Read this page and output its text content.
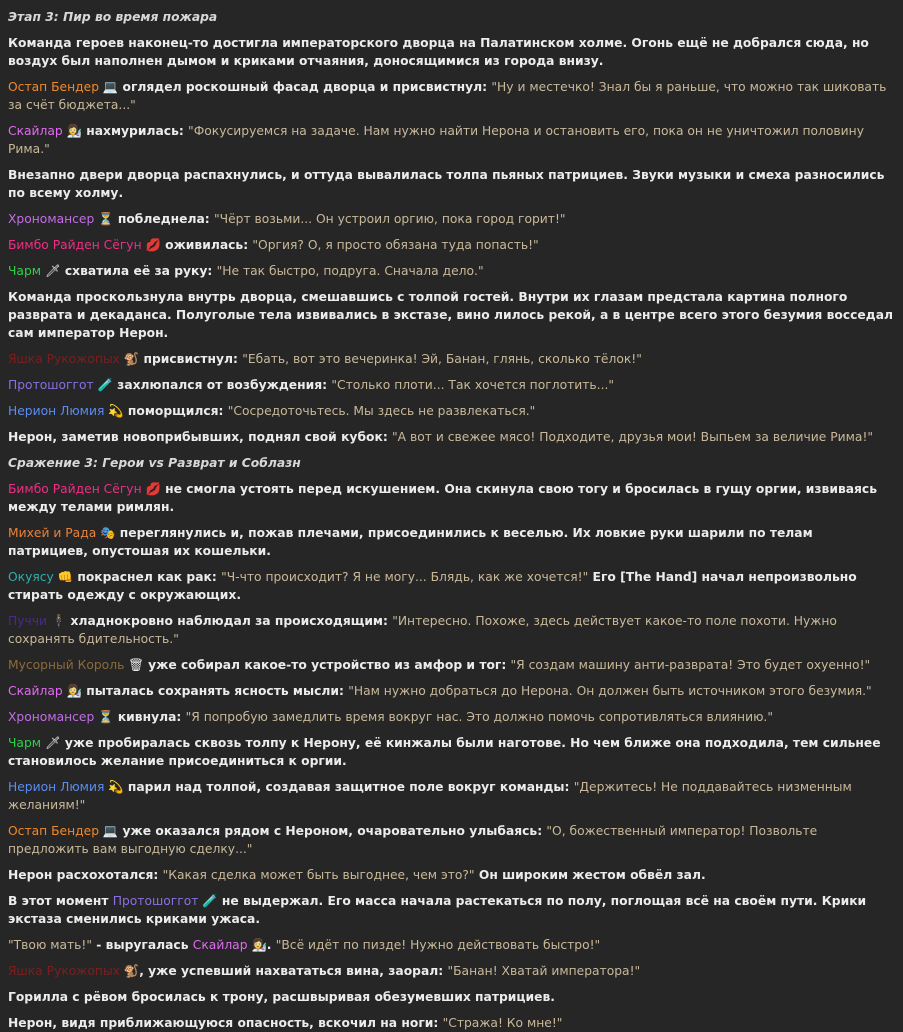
Этап 3: Пир во время пожара
Команда героев наконец-то достигла императорского дворца на Палатинском холме. Огонь ещё не добрался сюда, но воздух был наполнен дымом и криками отчаяния, доносящимися из города внизу.
Остап Бендер 💻 оглядел роскошный фасад дворца и присвистнул: "Ну и местечко! Знал бы я раньше, что можно так шиковать за счёт бюджета..."
Скайлар 👩‍🔬 нахмурилась: "Фокусируемся на задаче. Нам нужно найти Нерона и остановить его, пока он не уничтожил половину Рима."
Внезапно двери дворца распахнулись, и оттуда вывалилась толпа пьяных патрициев. Звуки музыки и смеха разносились по всему холму.
Хрономансер ⏳ побледнела: "Чёрт возьми... Он устроил оргию, пока город горит!"
Бимбо Райден Сёгун 💋 оживилась: "Оргия? О, я просто обязана туда попасть!"
Чарм 🗡 схватила её за руку: "Не так быстро, подруга. Сначала дело."
Команда проскользнула внутрь дворца, смешавшись с толпой гостей. Внутри их глазам предстала картина полного разврата и декаданса. Полуголые тела извивались в экстазе, вино лилось рекой, а в центре всего этого безумия восседал сам император Нерон.
Яшка Рукожопых 🐒 присвистнул: "Ебать, вот это вечеринка! Эй, Банан, глянь, сколько тёлок!"
Протошоггот 🧪 захлюпался от возбуждения: "Столько плоти... Так хочется поглотить..."
Нерион Люмия 💫 поморщился: "Сосредоточьтесь. Мы здесь не развлекаться."
Нерон, заметив новоприбывших, поднял свой кубок: "А вот и свежее мясо! Подходите, друзья мои! Выпьем за величие Рима!"
Сражение 3: Герои vs Разврат и Соблазн
Бимбо Райден Сёгун 💋 не смогла устоять перед искушением. Она скинула свою тогу и бросилась в гущу оргии, извиваясь между телами римлян.
Михей и Рада 🎭 переглянулись и, пожав плечами, присоединились к веселью. Их ловкие руки шарили по телам патрициев, опустошая их кошельки.
Окуясу 👊 покраснел как рак: "Ч-что происходит? Я не могу... Блядь, как же хочется!" Его [The Hand] начал непроизвольно стирать одежду с окружающих.
Пуччи 🕴 хладнокровно наблюдал за происходящим: "Интересно. Похоже, здесь действует какое-то поле похоти. Нужно сохранять бдительность."
Мусорный Король 🗑 уже собирал какое-то устройство из амфор и тог: "Я создам машину анти-разврата! Это будет охуенно!"
Скайлар 👩‍🔬 пыталась сохранять ясность мысли: "Нам нужно добраться до Нерона. Он должен быть источником этого безумия."
Хрономансер ⏳ кивнула: "Я попробую замедлить время вокруг нас. Это должно помочь сопротивляться влиянию."
Чарм 🗡 уже пробиралась сквозь толпу к Нерону, её кинжалы были наготове. Но чем ближе она подходила, тем сильнее становилось желание присоединиться к оргии.
Нерион Люмия 💫 парил над толпой, создавая защитное поле вокруг команды: "Держитесь! Не поддавайтесь низменным желаниям!"
Остап Бендер 💻 уже оказался рядом с Нероном, очаровательно улыбаясь: "О, божественный император! Позвольте предложить вам выгодную сделку..."
Нерон расхохотался: "Какая сделка может быть выгоднее, чем это?" Он широким жестом обвёл зал.
В этот момент Протошоггот 🧪 не выдержал. Его масса начала растекаться по полу, поглощая всё на своём пути. Крики экстаза сменились криками ужаса.
"Твою мать!" - выругалась Скайлар 👩‍🔬. "Всё идёт по пизде! Нужно действовать быстро!"
Яшка Рукожопых 🐒, уже успевший нахвататься вина, заорал: "Банан! Хватай императора!"
Горилла с рёвом бросилась к трону, расшвыривая обезумевших патрициев.
Нерон, видя приближающуюся опасность, вскочил на ноги: "Стража! Ко мне!"
